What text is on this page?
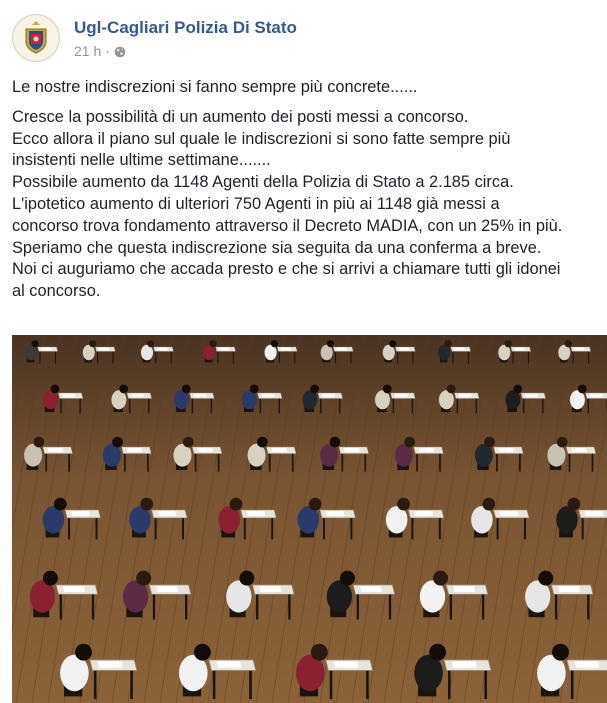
Ugl-Cagliari Polizia Di Stato
21 h ·

Le nostre indiscrezioni si fanno sempre più concrete......

Cresce la possibilità di un aumento dei posti messi a concorso.

Ecco allora il piano sul quale le indiscrezioni si sono fatte sempre più

insistenti nelle ultime settimane.......

Possibile aumento da 1148 Agenti della Polizia di Stato a 2.185 circa.

L'ipotetico aumento di ulteriori 750 Agenti in più ai 1148 già messi a

concorso trova fondamento attraverso il Decreto MADIA, con un 25% in più.

Speriamo che questa indiscrezione sia seguita da una conferma a breve.

Noi ci auguriamo che accada presto e che si arrivi a chiamare tutti gli idonei

al concorso.
